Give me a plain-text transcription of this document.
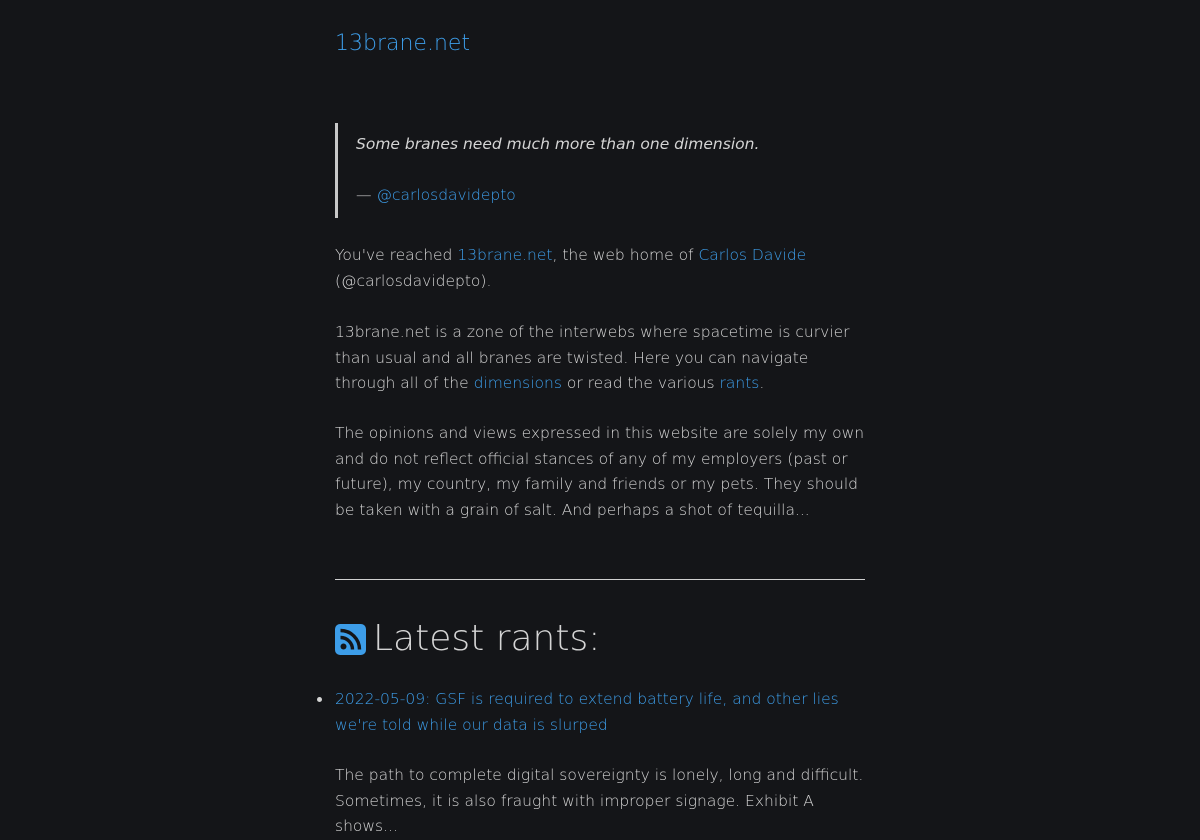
13brane.net
Some branes need much more than one dimension.
— @carlosdavidepto

You've reached 13brane.net, the web home of Carlos Davide (@carlosdavidepto).

13brane.net is a zone of the interwebs where spacetime is curvier than usual and all branes are twisted. Here you can navigate through all of the dimensions or read the various rants.

The opinions and views expressed in this website are solely my own and do not reflect official stances of any of my employers (past or future), my country, my family and friends or my pets. They should be taken with a grain of salt. And perhaps a shot of tequilla...

Latest rants:
2022-05-09: GSF is required to extend battery life, and other lies we're told while our data is slurped

The path to complete digital sovereignty is lonely, long and difficult. Sometimes, it is also fraught with improper signage. Exhibit A shows...
